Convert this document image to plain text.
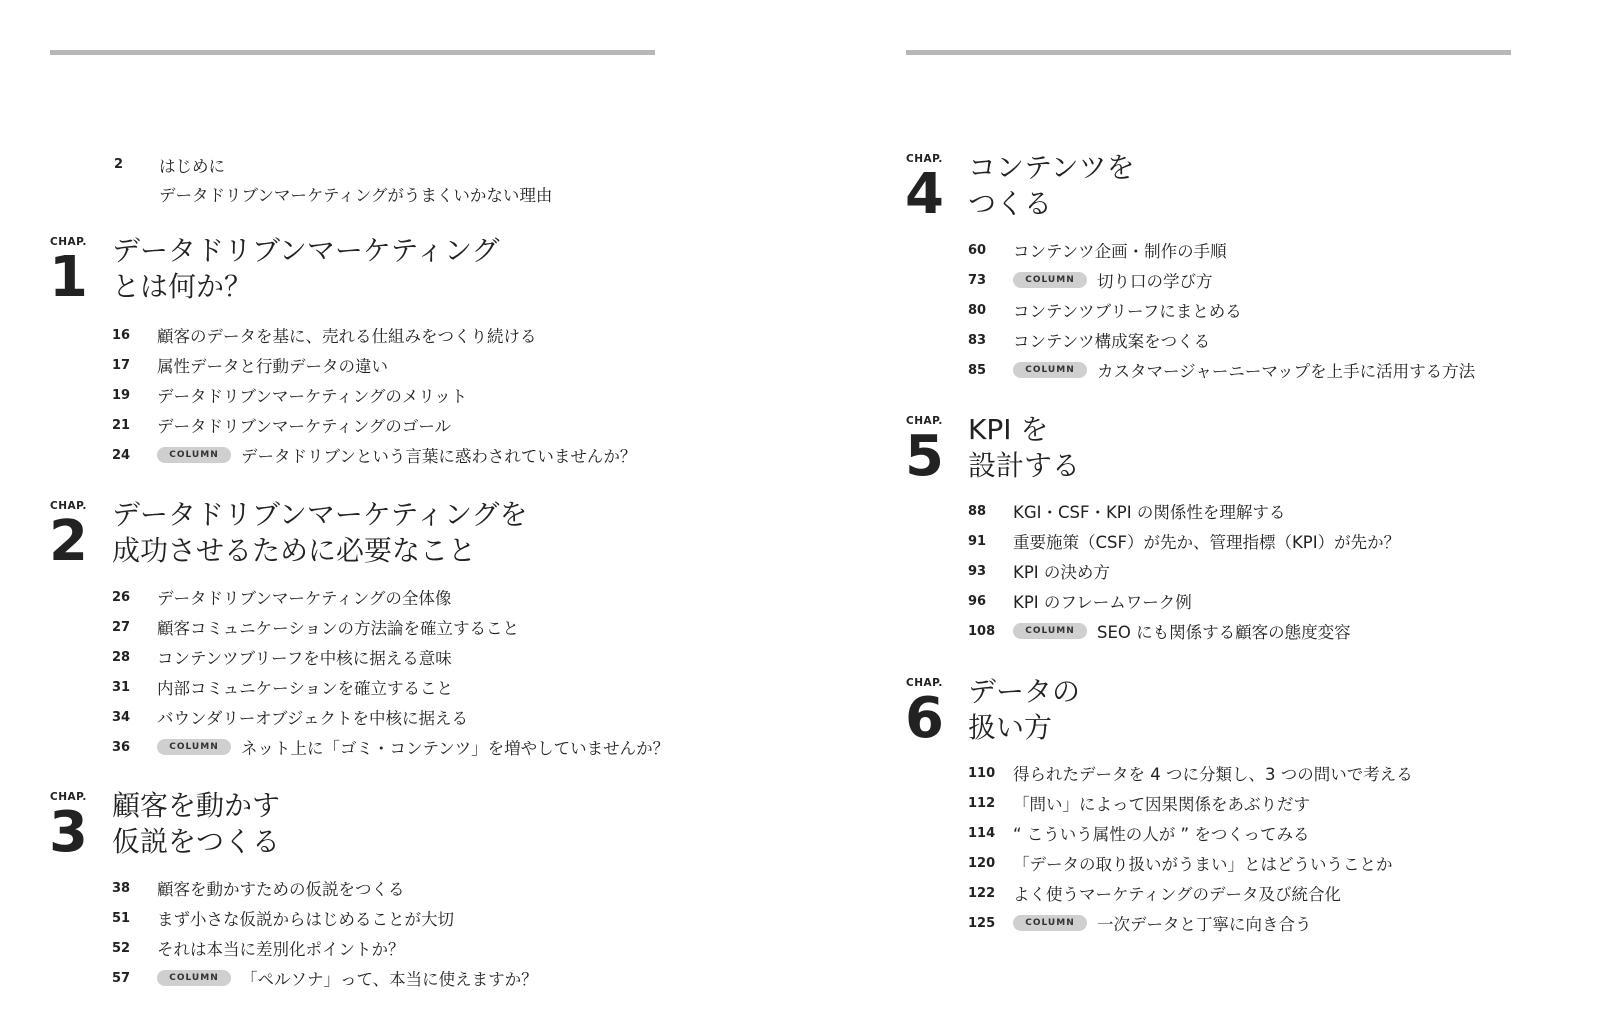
2	はじめに
データドリブンマーケティングがうまくいかない理由
CHAP.
1 データドリブンマーケティング
とは何か？
16	顧客のデータを基に、売れる仕組みをつくり続ける
17	属性データと行動データの違い
19	データドリブンマーケティングのメリット
21	データドリブンマーケティングのゴール
24	COLUMN	データドリブンという言葉に惑わされていませんか？
CHAP.
2 データドリブンマーケティングを
成功させるために必要なこと
26	データドリブンマーケティングの全体像
27	顧客コミュニケーションの方法論を確立すること
28	コンテンツブリーフを中核に据える意味
31	内部コミュニケーションを確立すること
34	バウンダリーオブジェクトを中核に据える
36	COLUMN	ネット上に「ゴミ・コンテンツ」を増やしていませんか？
CHAP.
3 顧客を動かす
仮説をつくる
38	顧客を動かすための仮説をつくる
51	まず小さな仮説からはじめることが大切
52	それは本当に差別化ポイントか？
57	COLUMN	「ペルソナ」って、本当に使えますか？
CHAP.
4 コンテンツを
つくる
60	コンテンツ企画・制作の手順
73	COLUMN	切り口の学び方
80	コンテンツブリーフにまとめる
83	コンテンツ構成案をつくる
85	COLUMN	カスタマージャーニーマップを上手に活用する方法
CHAP.
5 KPI を
設計する
88	KGI・CSF・KPI の関係性を理解する
91	重要施策（CSF）が先か、管理指標（KPI）が先か？
93	KPI の決め方
96	KPI のフレームワーク例
108	COLUMN	SEO にも関係する顧客の態度変容
CHAP.
6 データの
扱い方
110	得られたデータを 4 つに分類し、3 つの問いで考える
112	「問い」によって因果関係をあぶりだす
114	“ こういう属性の人が ” をつくってみる
120	「データの取り扱いがうまい」とはどういうことか
122	よく使うマーケティングのデータ及び統合化
125	COLUMN	一次データと丁寧に向き合う
